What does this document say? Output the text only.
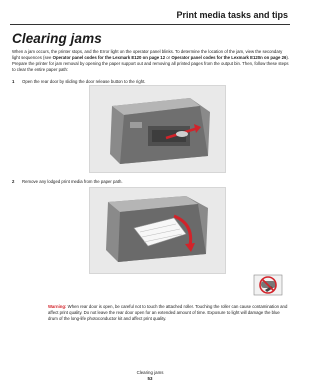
Print media tasks and tips
Clearing jams

When a jam occurs, the printer stops, and the Error light on the operator panel blinks. To determine the location of the jam, view the secondary light sequences (see Operator panel codes for the Lexmark E120 on page 12 or Operator panel codes for the Lexmark E120n on page 26). Prepare the printer for jam removal by opening the paper support out and removing all printed pages from the output bin. Then, follow these steps to clear the entire paper path:

1 Open the rear door by sliding the door release button to the right.
2 Remove any lodged print media from the paper path.
Warning: When rear door is open, be careful not to touch the attached roller. Touching the roller can cause contamination and affect print quality. Do not leave the rear door open for an extended amount of time. Exposure to light will damage the blue drum of the long-life photoconductor kit and affect print quality.
Clearing jams
53
